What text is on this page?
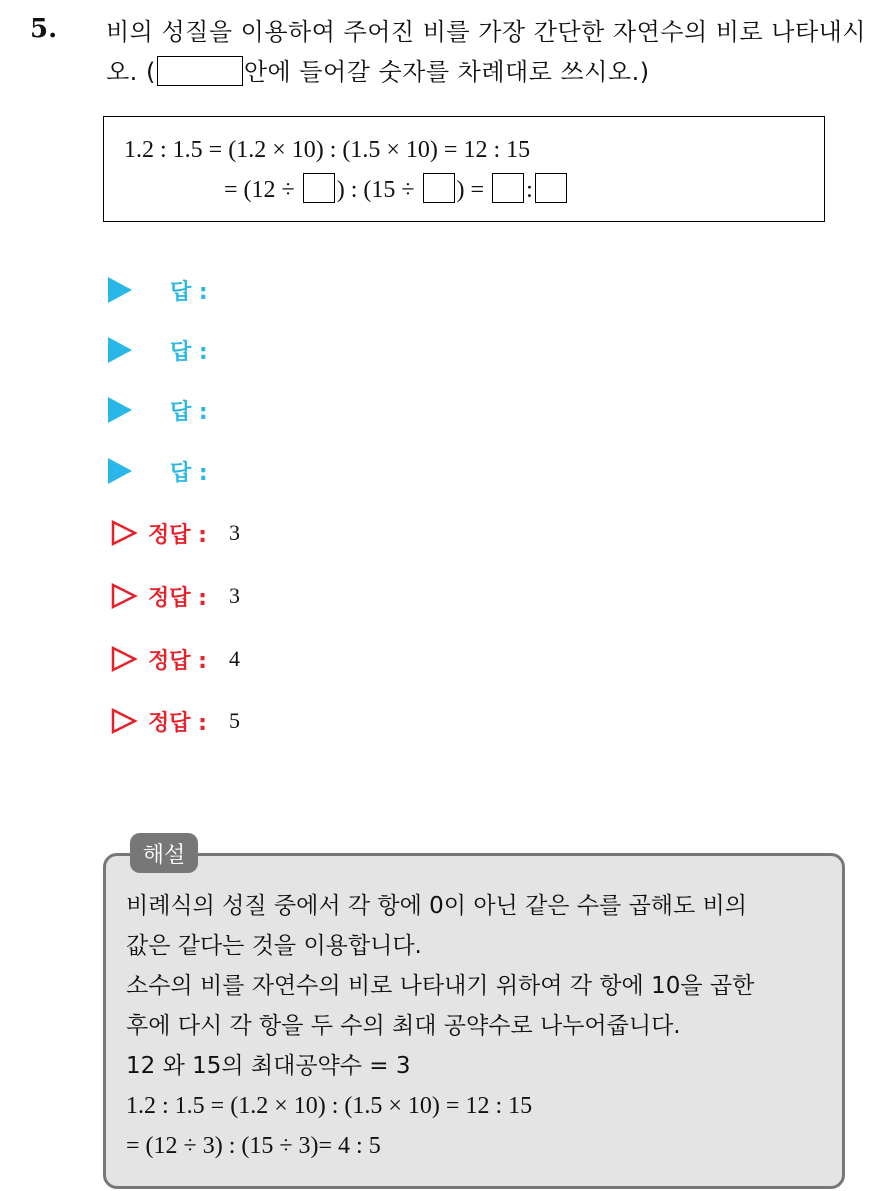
5. 비의 성질을 이용하여 주어진 비를 가장 간단한 자연수의 비로 나타내시오. (	안에 들어갈 숫자를 차례대로 쓰시오.)
1.2 : 1.5 = (1.2 × 10) : (1.5 × 10) = 12 : 15
= (12 ÷ ) : (15 ÷ ) = :
답 :
답 :
답 :
답 :
정답 : 3
정답 : 3
정답 : 4
정답 : 5
해설
비례식의 성질 중에서 각 항에 0이 아닌 같은 수를 곱해도 비의
값은 같다는 것을 이용합니다.
소수의 비를 자연수의 비로 나타내기 위하여 각 항에 10을 곱한
후에 다시 각 항을 두 수의 최대 공약수로 나누어줍니다.
12 와 15의 최대공약수 = 3
1.2 : 1.5 = (1.2 × 10) : (1.5 × 10) = 12 : 15
= (12 ÷ 3) : (15 ÷ 3)= 4 : 5
